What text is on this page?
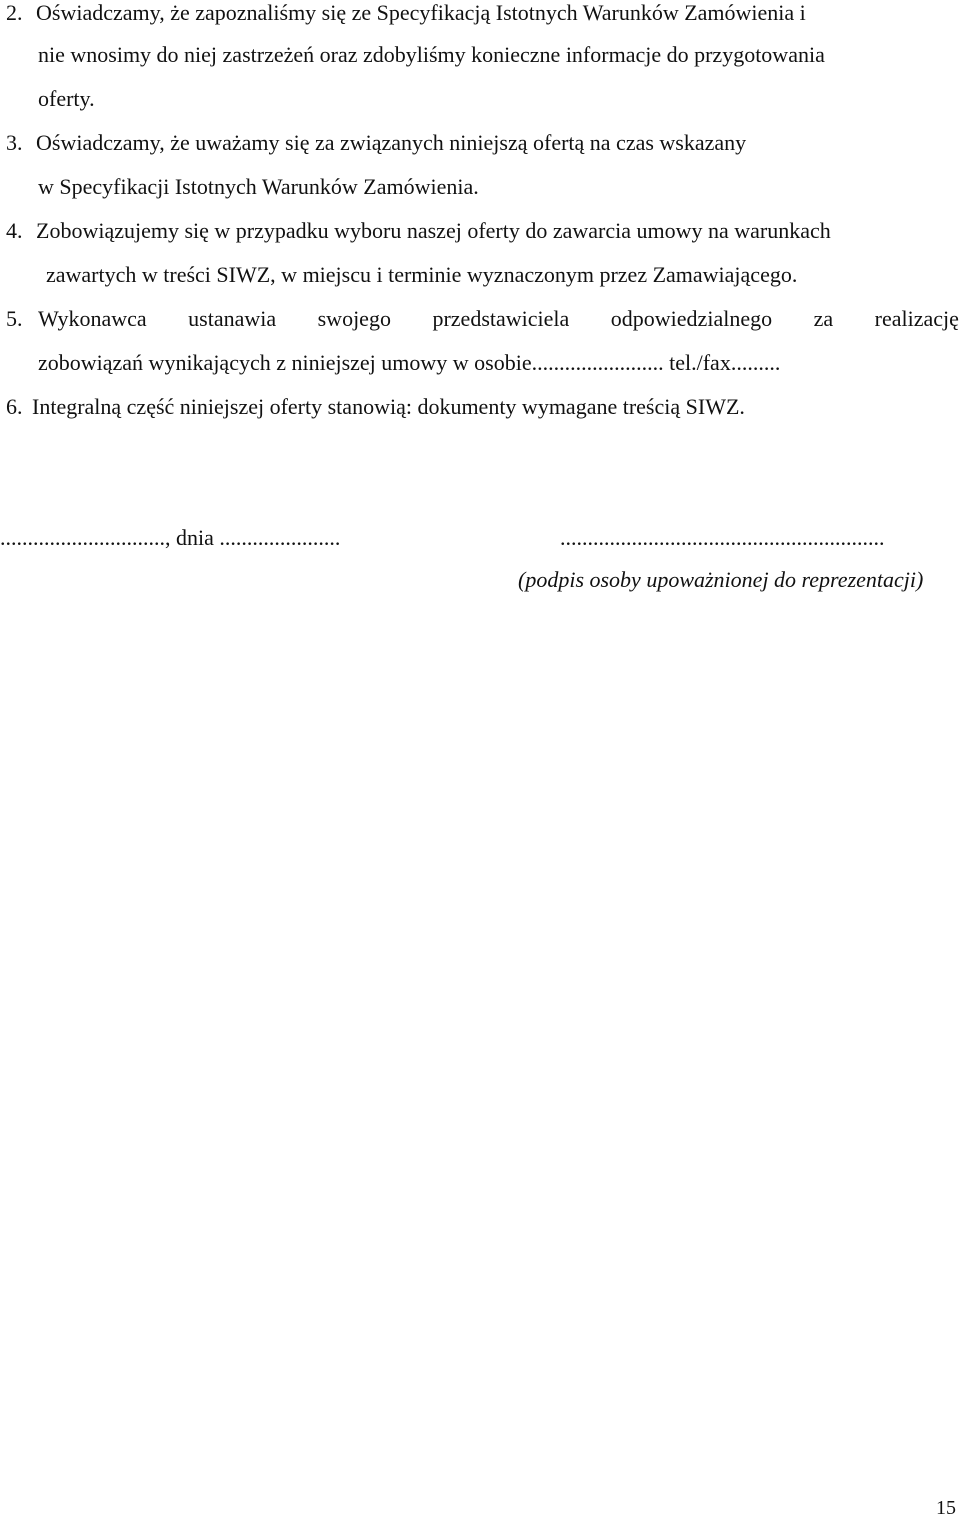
2. Oświadczamy, że zapoznaliśmy się ze Specyfikacją Istotnych Warunków Zamówienia i
nie wnosimy do niej zastrzeżeń oraz zdobyliśmy konieczne informacje do przygotowania
oferty.
3. Oświadczamy, że uważamy się za związanych niniejszą ofertą na czas wskazany
w Specyfikacji Istotnych Warunków Zamówienia.
4. Zobowiązujemy się w przypadku wyboru naszej oferty do zawarcia umowy na warunkach
zawartych w treści SIWZ, w miejscu i terminie wyznaczonym przez Zamawiającego.
5. Wykonawca ustanawia swojego przedstawiciela odpowiedzialnego za realizację
zobowiązań wynikających z niniejszej umowy w osobie........................ tel./fax.........
6. Integralną część niniejszej oferty stanowią: dokumenty wymagane treścią SIWZ.
.............................., dnia ......................	...........................................................
(podpis osoby upoważnionej do reprezentacji)
15
